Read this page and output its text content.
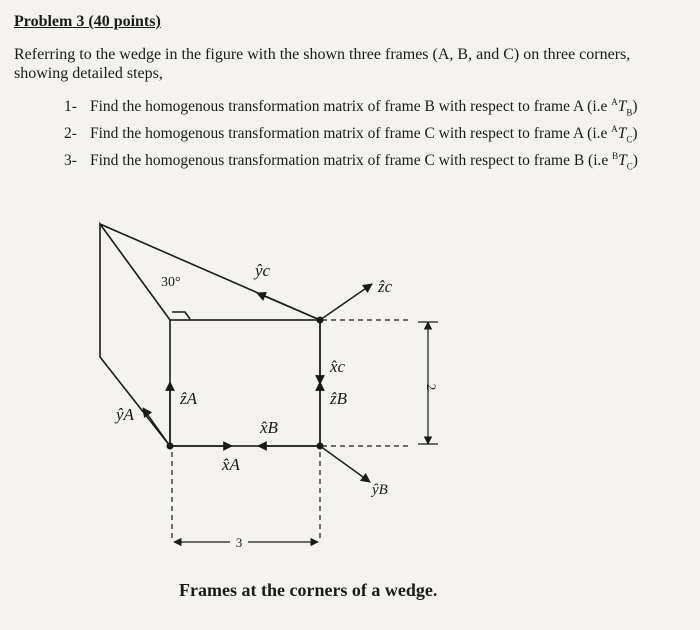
Problem 3 (40 points)
Referring to the wedge in the figure with the shown three frames (A, B, and C) on three corners, showing detailed steps,
1- Find the homogenous transformation matrix of frame B with respect to frame A (i.e $^AT_B$)
2- Find the homogenous transformation matrix of frame C with respect to frame A (i.e $^AT_C$)
3- Find the homogenous transformation matrix of frame C with respect to frame B (i.e $^BT_C$)
2
3
30°
ŷc
ẑc
x̂c
ẑB
x̂B
ŷB
ẑA
ŷA
x̂A
Frames at the corners of a wedge.
